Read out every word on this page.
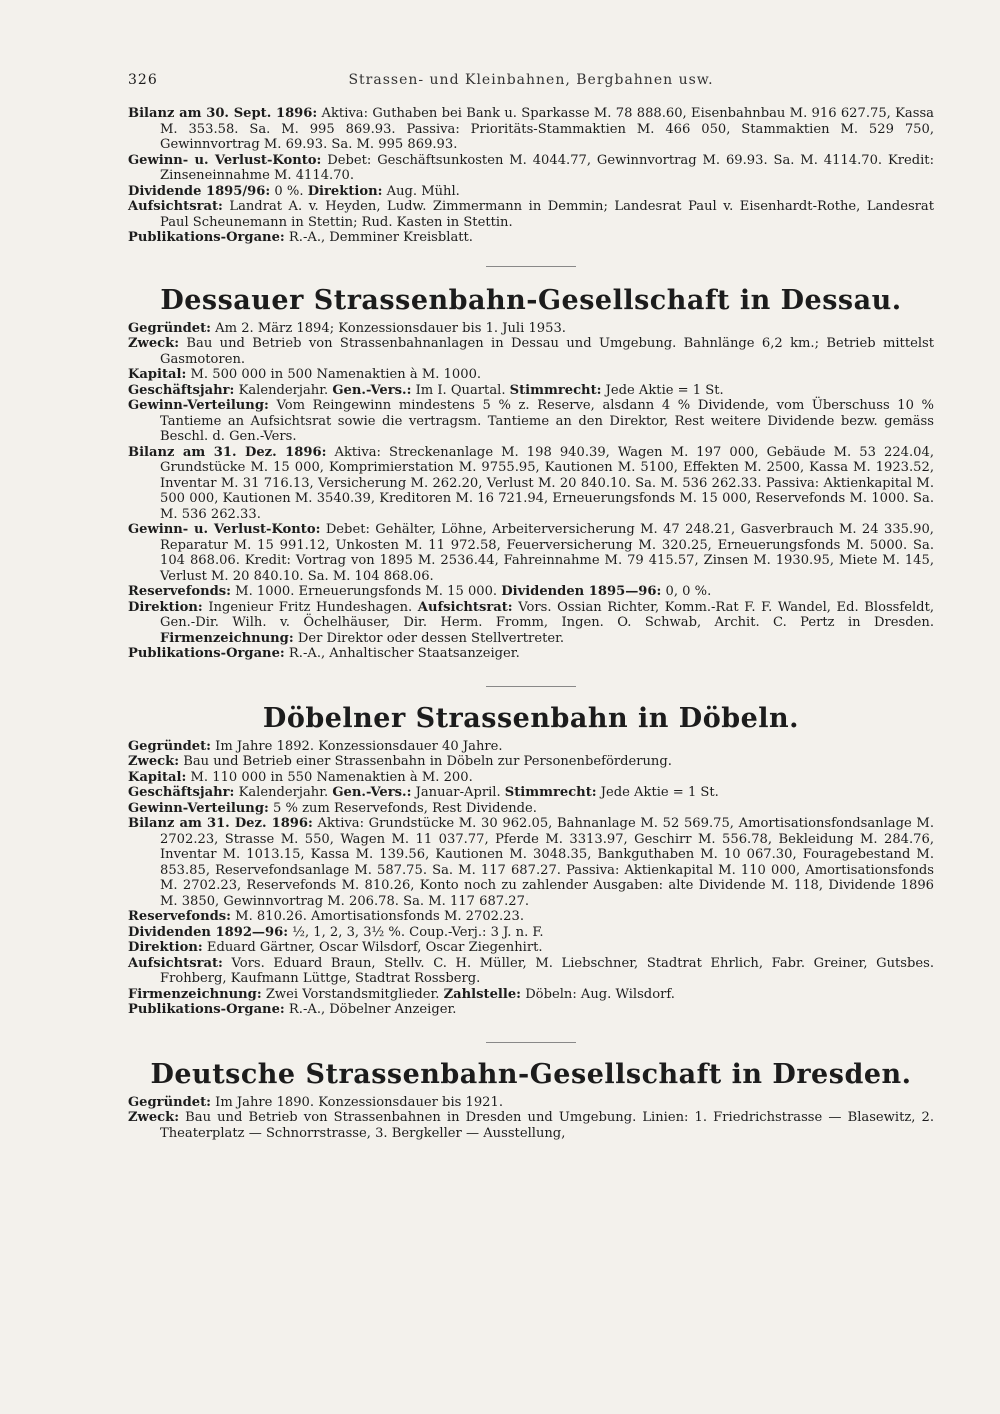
326	Strassen- und Kleinbahnen, Bergbahnen usw.

Bilanz am 30. Sept. 1896: Aktiva: Guthaben bei Bank u. Sparkasse M. 78 888.60, Eisenbahnbau M. 916 627.75, Kassa M. 353.58. Sa. M. 995 869.93. Passiva: Prioritäts-Stammaktien M. 466 050, Stammaktien M. 529 750, Gewinnvortrag M. 69.93. Sa. M. 995 869.93.

Gewinn- u. Verlust-Konto: Debet: Geschäftsunkosten M. 4044.77, Gewinnvortrag M. 69.93. Sa. M. 4114.70. Kredit: Zinseneinnahme M. 4114.70.

Dividende 1895/96: 0 %. Direktion: Aug. Mühl.

Aufsichtsrat: Landrat A. v. Heyden, Ludw. Zimmermann in Demmin; Landesrat Paul v. Eisenhardt-Rothe, Landesrat Paul Scheunemann in Stettin; Rud. Kasten in Stettin.

Publikations-Organe: R.-A., Demminer Kreisblatt.

Dessauer Strassenbahn-Gesellschaft in Dessau.

Gegründet: Am 2. März 1894; Konzessionsdauer bis 1. Juli 1953.

Zweck: Bau und Betrieb von Strassenbahnanlagen in Dessau und Umgebung. Bahnlänge 6,2 km.; Betrieb mittelst Gasmotoren.

Kapital: M. 500 000 in 500 Namenaktien à M. 1000.

Geschäftsjahr: Kalenderjahr. Gen.-Vers.: Im I. Quartal. Stimmrecht: Jede Aktie = 1 St.

Gewinn-Verteilung: Vom Reingewinn mindestens 5 % z. Reserve, alsdann 4 % Dividende, vom Überschuss 10 % Tantieme an Aufsichtsrat sowie die vertragsm. Tantieme an den Direktor, Rest weitere Dividende bezw. gemäss Beschl. d. Gen.-Vers.

Bilanz am 31. Dez. 1896: Aktiva: Streckenanlage M. 198 940.39, Wagen M. 197 000, Gebäude M. 53 224.04, Grundstücke M. 15 000, Komprimierstation M. 9755.95, Kautionen M. 5100, Effekten M. 2500, Kassa M. 1923.52, Inventar M. 31 716.13, Versicherung M. 262.20, Verlust M. 20 840.10. Sa. M. 536 262.33. Passiva: Aktienkapital M. 500 000, Kautionen M. 3540.39, Kreditoren M. 16 721.94, Erneuerungsfonds M. 15 000, Reservefonds M. 1000. Sa. M. 536 262.33.

Gewinn- u. Verlust-Konto: Debet: Gehälter, Löhne, Arbeiterversicherung M. 47 248.21, Gasverbrauch M. 24 335.90, Reparatur M. 15 991.12, Unkosten M. 11 972.58, Feuerversicherung M. 320.25, Erneuerungsfonds M. 5000. Sa. 104 868.06. Kredit: Vortrag von 1895 M. 2536.44, Fahreinnahme M. 79 415.57, Zinsen M. 1930.95, Miete M. 145, Verlust M. 20 840.10. Sa. M. 104 868.06.

Reservefonds: M. 1000. Erneuerungsfonds M. 15 000. Dividenden 1895—96: 0, 0 %.

Direktion: Ingenieur Fritz Hundeshagen. Aufsichtsrat: Vors. Ossian Richter, Komm.-Rat F. F. Wandel, Ed. Blossfeldt, Gen.-Dir. Wilh. v. Öchelhäuser, Dir. Herm. Fromm, Ingen. O. Schwab, Archit. C. Pertz in Dresden. Firmenzeichnung: Der Direktor oder dessen Stellvertreter.

Publikations-Organe: R.-A., Anhaltischer Staatsanzeiger.

Döbelner Strassenbahn in Döbeln.

Gegründet: Im Jahre 1892. Konzessionsdauer 40 Jahre.

Zweck: Bau und Betrieb einer Strassenbahn in Döbeln zur Personenbeförderung.

Kapital: M. 110 000 in 550 Namenaktien à M. 200.

Geschäftsjahr: Kalenderjahr. Gen.-Vers.: Januar-April. Stimmrecht: Jede Aktie = 1 St.

Gewinn-Verteilung: 5 % zum Reservefonds, Rest Dividende.

Bilanz am 31. Dez. 1896: Aktiva: Grundstücke M. 30 962.05, Bahnanlage M. 52 569.75, Amortisationsfondsanlage M. 2702.23, Strasse M. 550, Wagen M. 11 037.77, Pferde M. 3313.97, Geschirr M. 556.78, Bekleidung M. 284.76, Inventar M. 1013.15, Kassa M. 139.56, Kautionen M. 3048.35, Bankguthaben M. 10 067.30, Fouragebestand M. 853.85, Reservefondsanlage M. 587.75. Sa. M. 117 687.27. Passiva: Aktienkapital M. 110 000, Amortisationsfonds M. 2702.23, Reservefonds M. 810.26, Konto noch zu zahlender Ausgaben: alte Dividende M. 118, Dividende 1896 M. 3850, Gewinnvortrag M. 206.78. Sa. M. 117 687.27.

Reservefonds: M. 810.26. Amortisationsfonds M. 2702.23.

Dividenden 1892—96: ½, 1, 2, 3, 3½ %. Coup.-Verj.: 3 J. n. F.

Direktion: Eduard Gärtner, Oscar Wilsdorf, Oscar Ziegenhirt.

Aufsichtsrat: Vors. Eduard Braun, Stellv. C. H. Müller, M. Liebschner, Stadtrat Ehrlich, Fabr. Greiner, Gutsbes. Frohberg, Kaufmann Lüttge, Stadtrat Rossberg.

Firmenzeichnung: Zwei Vorstandsmitglieder. Zahlstelle: Döbeln: Aug. Wilsdorf.

Publikations-Organe: R.-A., Döbelner Anzeiger.

Deutsche Strassenbahn-Gesellschaft in Dresden.

Gegründet: Im Jahre 1890. Konzessionsdauer bis 1921.

Zweck: Bau und Betrieb von Strassenbahnen in Dresden und Umgebung. Linien: 1. Friedrichstrasse — Blasewitz, 2. Theaterplatz — Schnorrstrasse, 3. Bergkeller — Ausstellung,
